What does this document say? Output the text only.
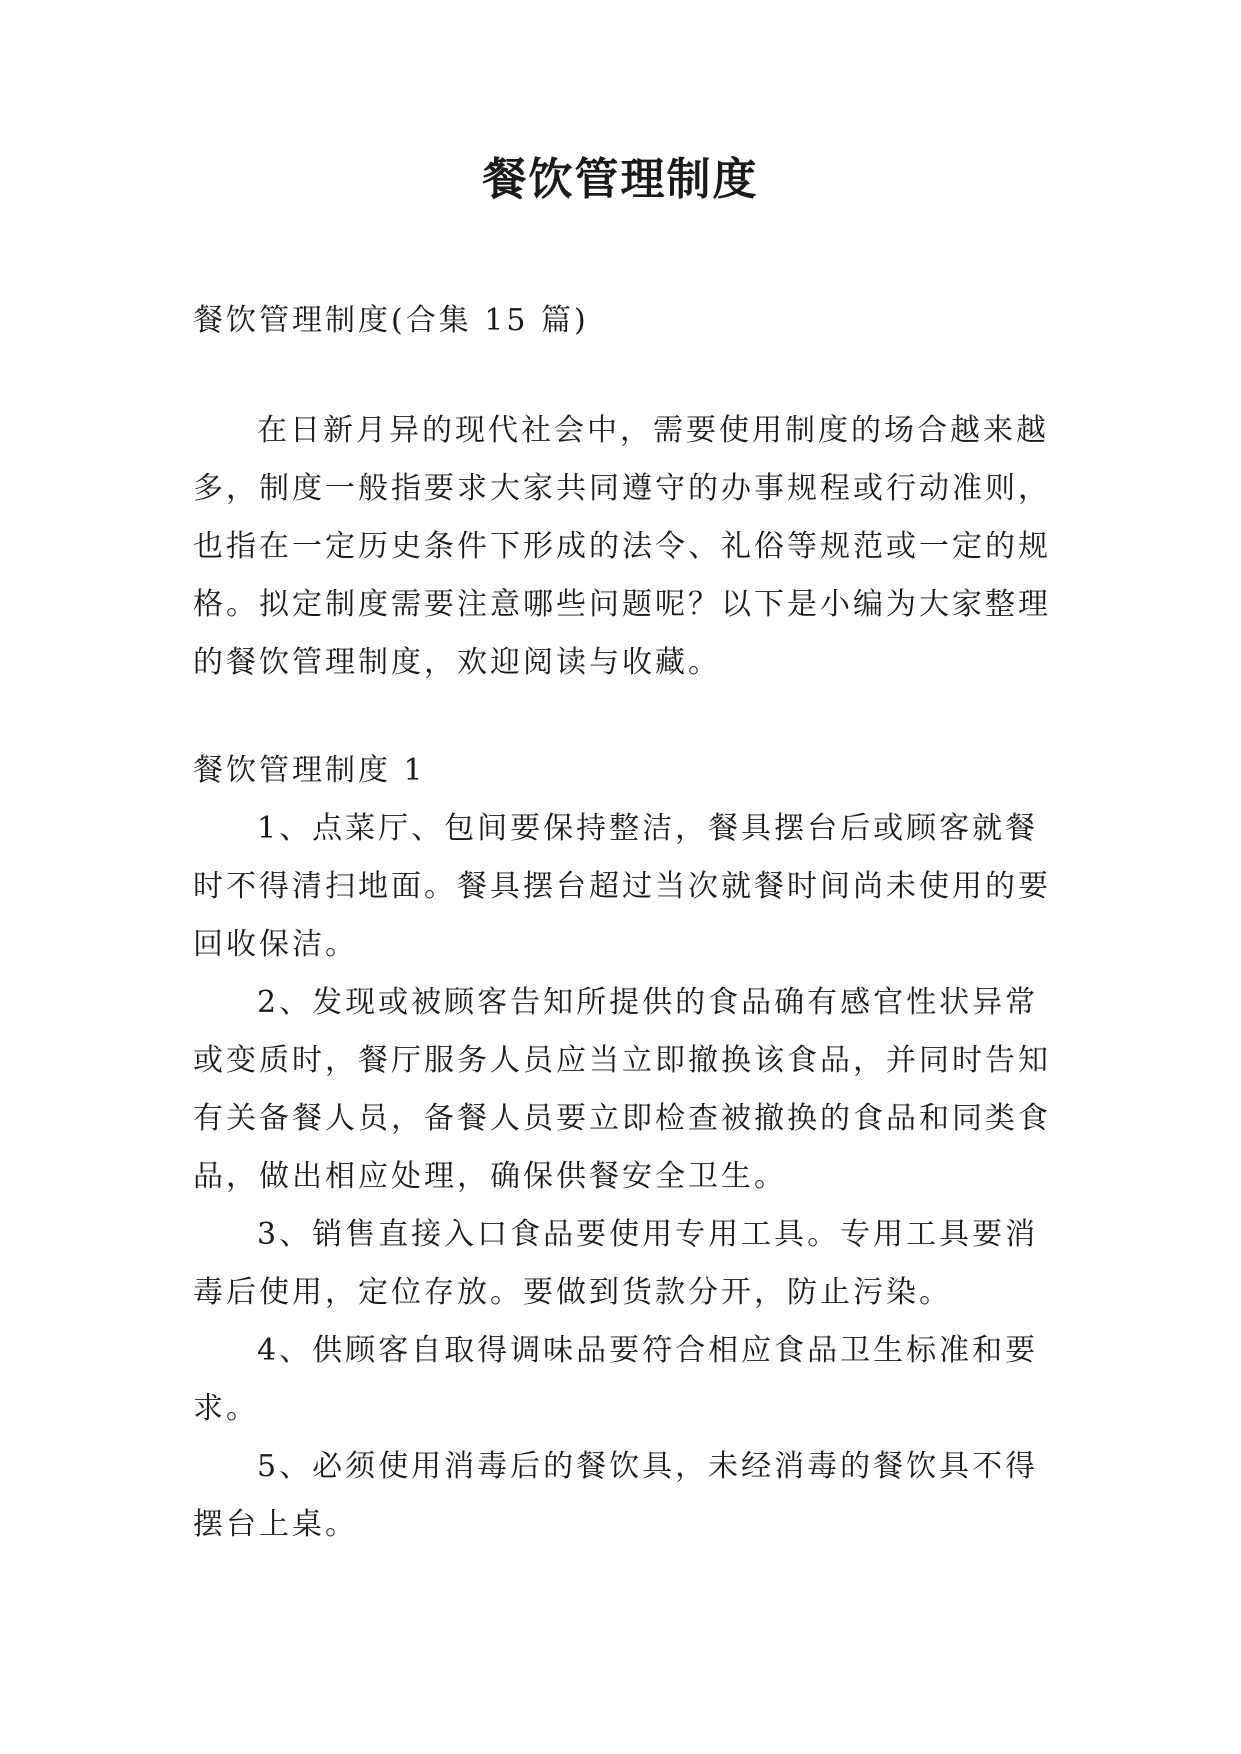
餐饮管理制度
餐饮管理制度(合集 15 篇)
在日新月异的现代社会中，需要使用制度的场合越来越
多，制度一般指要求大家共同遵守的办事规程或行动准则，
也指在一定历史条件下形成的法令、礼俗等规范或一定的规
格。拟定制度需要注意哪些问题呢？以下是小编为大家整理
的餐饮管理制度，欢迎阅读与收藏。
餐饮管理制度 1
1、点菜厅、包间要保持整洁，餐具摆台后或顾客就餐
时不得清扫地面。餐具摆台超过当次就餐时间尚未使用的要
回收保洁。
2、发现或被顾客告知所提供的食品确有感官性状异常
或变质时，餐厅服务人员应当立即撤换该食品，并同时告知
有关备餐人员，备餐人员要立即检查被撤换的食品和同类食
品，做出相应处理，确保供餐安全卫生。
3、销售直接入口食品要使用专用工具。专用工具要消
毒后使用，定位存放。要做到货款分开，防止污染。
4、供顾客自取得调味品要符合相应食品卫生标准和要
求。
5、必须使用消毒后的餐饮具，未经消毒的餐饮具不得
摆台上桌。
